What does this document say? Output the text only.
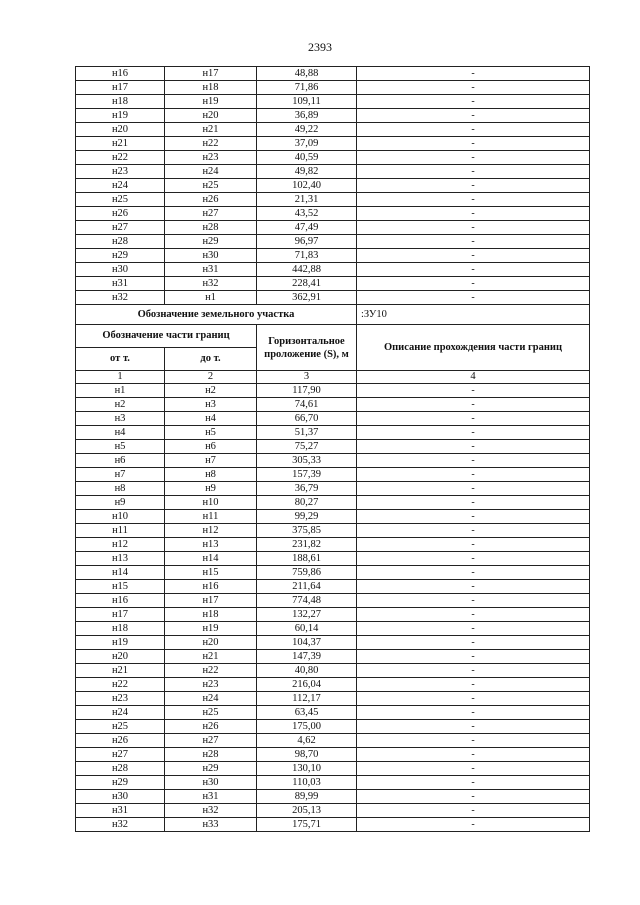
2393
н16	н17	48,88	-
н17	н18	71,86	-
н18	н19	109,11	-
н19	н20	36,89	-
н20	н21	49,22	-
н21	н22	37,09	-
н22	н23	40,59	-
н23	н24	49,82	-
н24	н25	102,40	-
н25	н26	21,31	-
н26	н27	43,52	-
н27	н28	47,49	-
н28	н29	96,97	-
н29	н30	71,83	-
н30	н31	442,88	-
н31	н32	228,41	-
н32	н1	362,91	-
Обозначение земельного участка			:ЗУ10
Обозначение части границ		Горизонтальное проложение (S), м	Описание прохождения части границ
от т.	до т.		
1	2	3	4
н1	н2	117,90	-
н2	н3	74,61	-
н3	н4	66,70	-
н4	н5	51,37	-
н5	н6	75,27	-
н6	н7	305,33	-
н7	н8	157,39	-
н8	н9	36,79	-
н9	н10	80,27	-
н10	н11	99,29	-
н11	н12	375,85	-
н12	н13	231,82	-
н13	н14	188,61	-
н14	н15	759,86	-
н15	н16	211,64	-
н16	н17	774,48	-
н17	н18	132,27	-
н18	н19	60,14	-
н19	н20	104,37	-
н20	н21	147,39	-
н21	н22	40,80	-
н22	н23	216,04	-
н23	н24	112,17	-
н24	н25	63,45	-
н25	н26	175,00	-
н26	н27	4,62	-
н27	н28	98,70	-
н28	н29	130,10	-
н29	н30	110,03	-
н30	н31	89,99	-
н31	н32	205,13	-
н32	н33	175,71	-
